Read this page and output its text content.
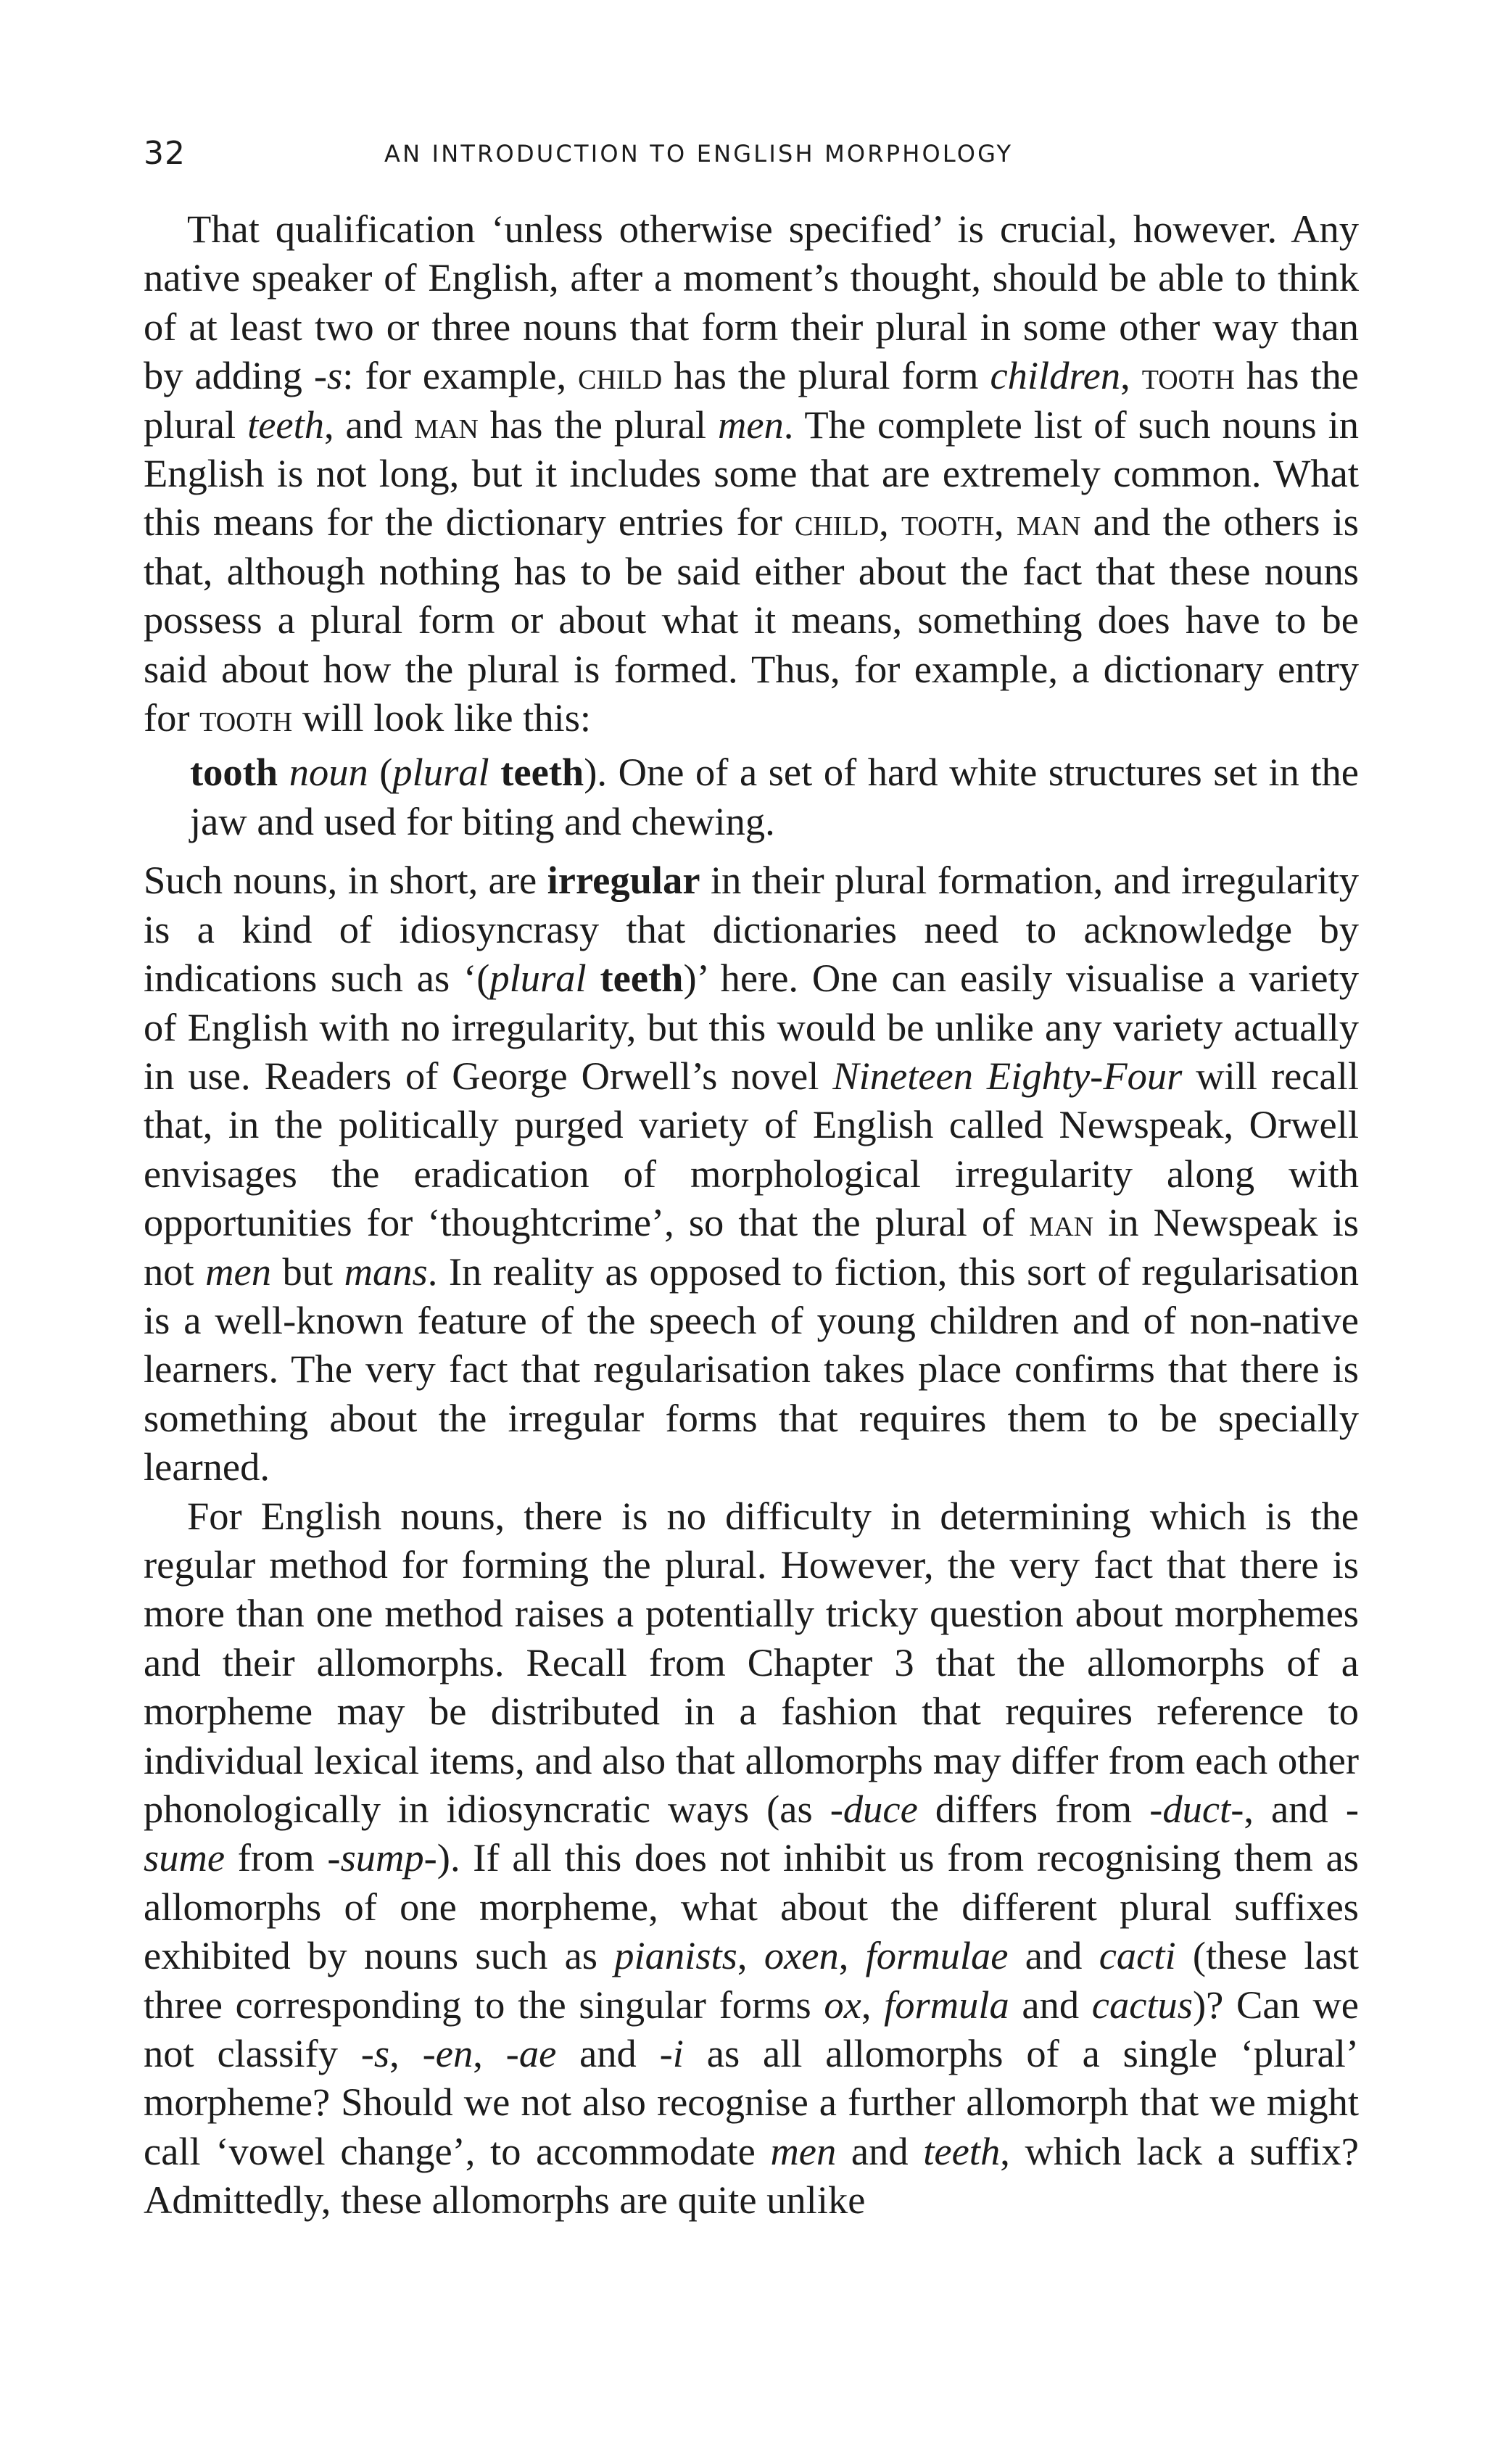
32	AN INTRODUCTION TO ENGLISH MORPHOLOGY

That qualification ‘unless otherwise specified’ is crucial, however. Any native speaker of English, after a moment’s thought, should be able to think of at least two or three nouns that form their plural in some other way than by adding -s: for example, child has the plural form children, tooth has the plural teeth, and man has the plural men. The complete list of such nouns in English is not long, but it includes some that are extremely common. What this means for the dictionary entries for child, tooth, man and the others is that, although nothing has to be said either about the fact that these nouns possess a plural form or about what it means, something does have to be said about how the plural is formed. Thus, for example, a dictionary entry for tooth will look like this:

tooth noun (plural teeth). One of a set of hard white structures set in the jaw and used for biting and chewing.

Such nouns, in short, are irregular in their plural formation, and irregularity is a kind of idiosyncrasy that dictionaries need to acknowledge by indications such as ‘(plural teeth)’ here. One can easily visualise a variety of English with no irregularity, but this would be unlike any variety actually in use. Readers of George Orwell’s novel Nineteen Eighty-Four will recall that, in the politically purged variety of English called Newspeak, Orwell envisages the eradication of morphological irregularity along with opportunities for ‘thoughtcrime’, so that the plural of man in Newspeak is not men but mans. In reality as opposed to fiction, this sort of regularisation is a well-known feature of the speech of young children and of non-native learners. The very fact that regularisation takes place confirms that there is something about the irregular forms that requires them to be specially learned.

For English nouns, there is no difficulty in determining which is the regular method for forming the plural. However, the very fact that there is more than one method raises a potentially tricky question about morphemes and their allomorphs. Recall from Chapter 3 that the allomorphs of a morpheme may be distributed in a fashion that requires reference to individual lexical items, and also that allomorphs may differ from each other phonologically in idiosyncratic ways (as -duce differs from -duct-, and -sume from -sump-). If all this does not inhibit us from recognising them as allomorphs of one morpheme, what about the different plural suffixes exhibited by nouns such as pianists, oxen, formulae and cacti (these last three corresponding to the singular forms ox, formula and cactus)? Can we not classify -s, -en, -ae and -i as all allomorphs of a single ‘plural’ morpheme? Should we not also recognise a further allomorph that we might call ‘vowel change’, to accommodate men and teeth, which lack a suffix? Admittedly, these allomorphs are quite unlike
